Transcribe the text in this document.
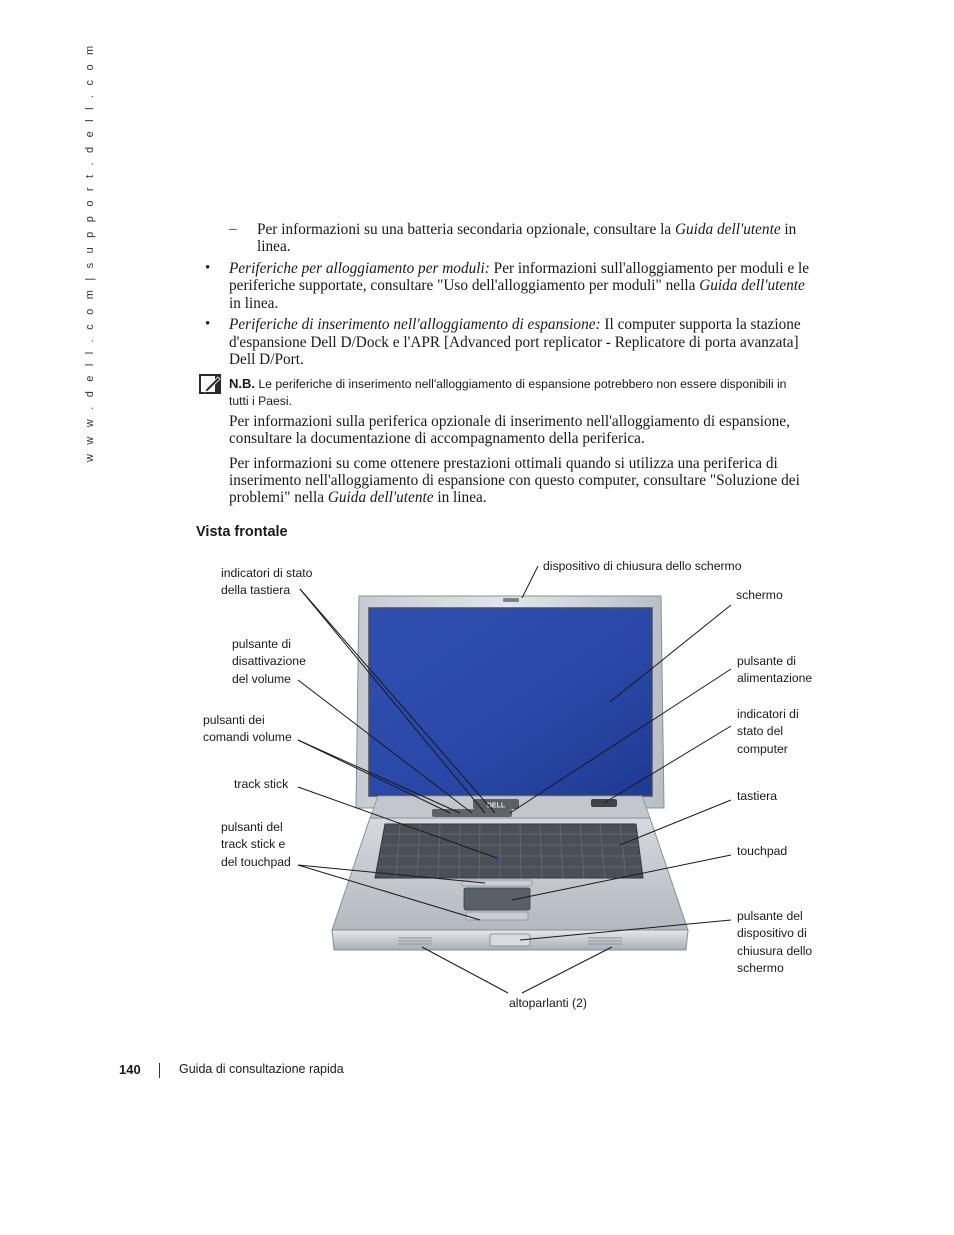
w w w . d e l l . c o m | s u p p o r t . d e l l . c o m	– Per informazioni su una batteria secondaria opzionale, consultare la Guida dell'utente in
linea.
• Periferiche per alloggiamento per moduli: Per informazioni sull'alloggiamento per moduli e le
periferiche supportate, consultare "Uso dell'alloggiamento per moduli" nella Guida dell'utente
in linea.
• Periferiche di inserimento nell'alloggiamento di espansione: Il computer supporta la stazione
d'espansione Dell D/Dock e l'APR [Advanced port replicator - Replicatore di porta avanzata]
Dell D/Port.
N.B. Le periferiche di inserimento nell'alloggiamento di espansione potrebbero non essere disponibili in
tutti i Paesi.
Per informazioni sulla periferica opzionale di inserimento nell'alloggiamento di espansione,
consultare la documentazione di accompagnamento della periferica.
Per informazioni su come ottenere prestazioni ottimali quando si utilizza una periferica di
inserimento nell'alloggiamento di espansione con questo computer, consultare "Soluzione dei
problemi" nella Guida dell'utente in linea.
Vista frontale
DELL
indicatori di stato
della tastiera
pulsante di
disattivazione
del volume
pulsanti dei
comandi volume
track stick
pulsanti del
track stick e
del touchpad
dispositivo di chiusura dello schermo
schermo
pulsante di
alimentazione
indicatori di
stato del
computer
tastiera
touchpad
pulsante del
dispositivo di
chiusura dello
schermo
altoparlanti (2)
140	Guida di consultazione rapida
